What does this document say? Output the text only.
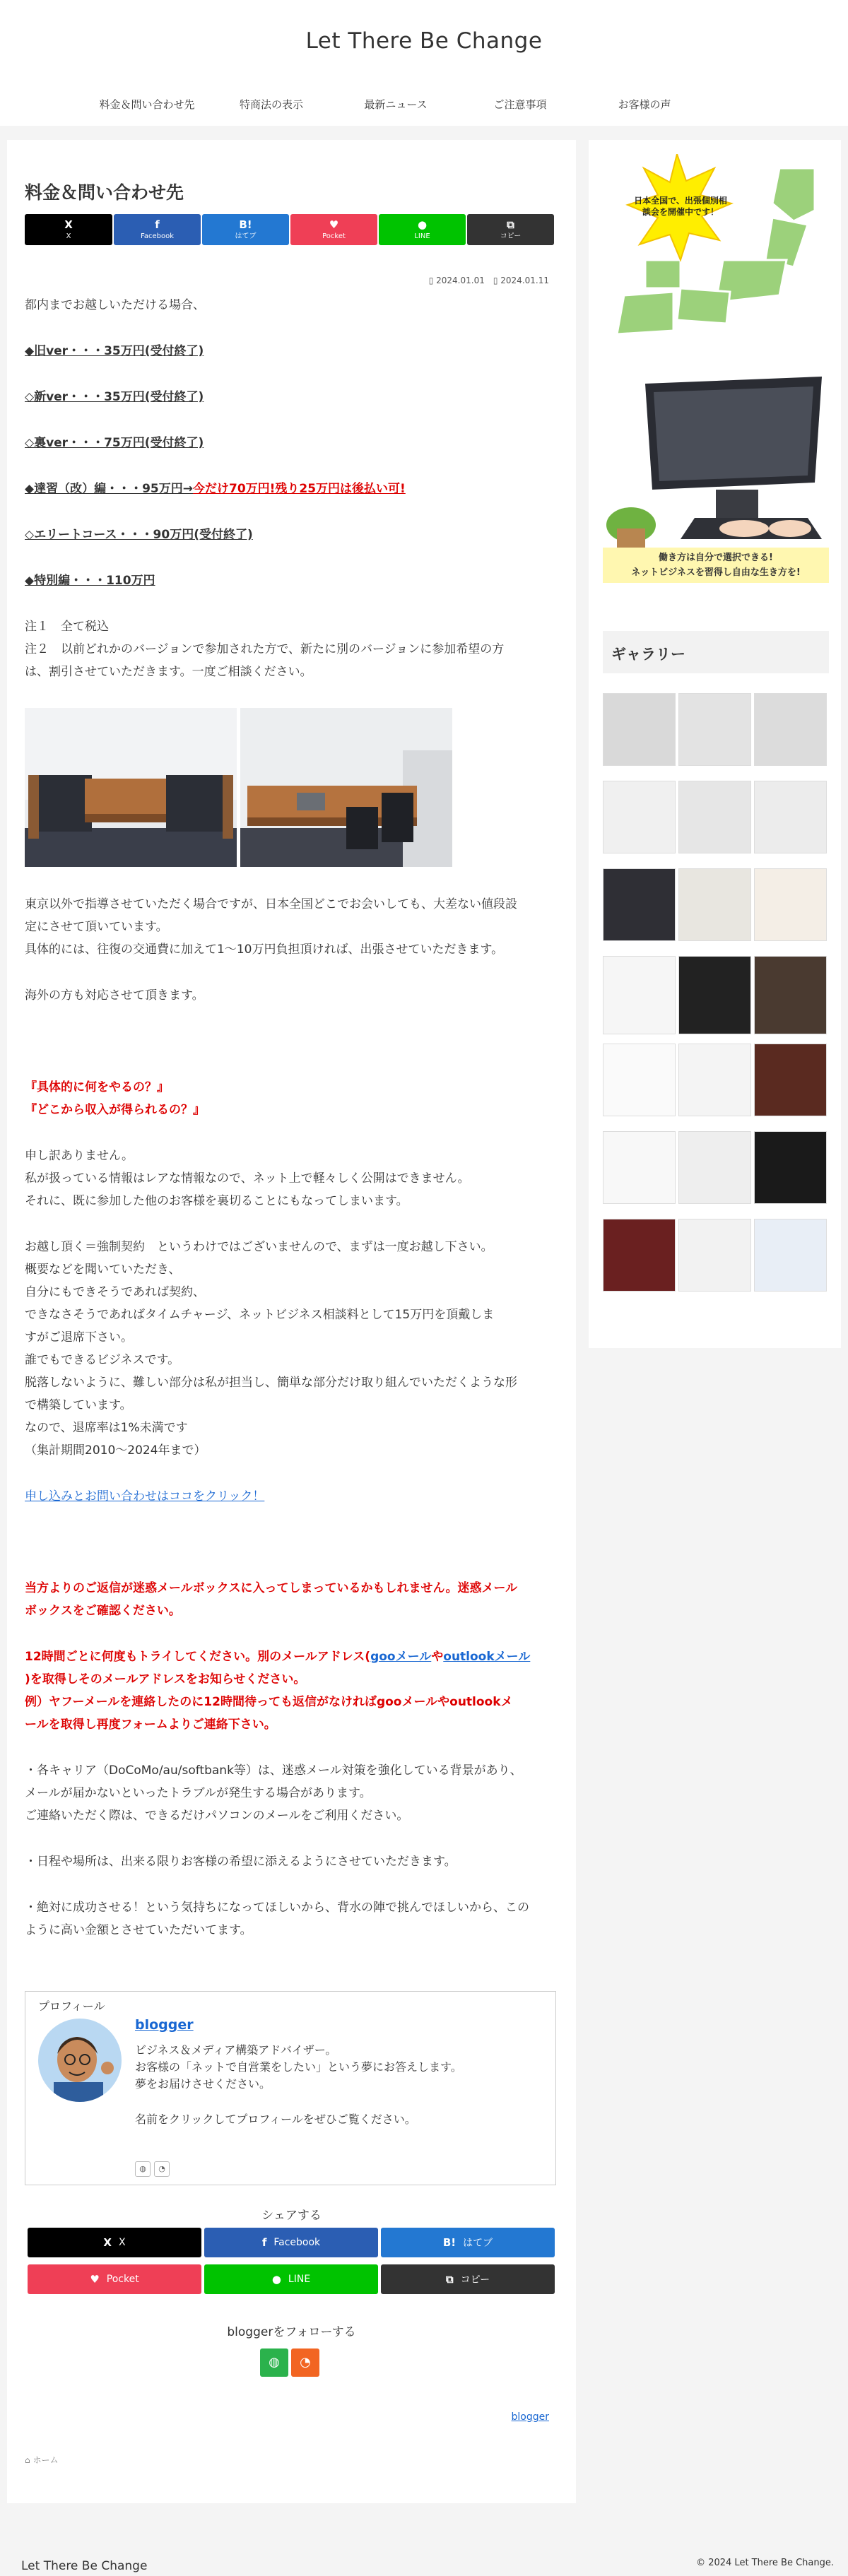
Let There Be Change
料金＆問い合わせ先	特商法の表示	最新ニュース	ご注意事項	お客様の声
料金＆問い合わせ先
X
X
f
Facebook
B!
はてブ
♥
Pocket
●
LINE
⧉
コピー
▯ 2024.01.01 ▯ 2024.01.11
都内までお越しいただける場合、
◆旧ver・・・35万円(受付終了)
◇新ver・・・35万円(受付終了)
◇裏ver・・・75万円(受付終了)
◆達習（改）編・・・95万円→今だけ70万円!残り25万円は後払い可!
◇エリートコース・・・90万円(受付終了)
◆特別編・・・110万円
注１　全て税込
注２　以前どれかのバージョンで参加された方で、新たに別のバージョンに参加希望の方
は、割引させていただきます。一度ご相談ください。
東京以外で指導させていただく場合ですが、日本全国どこでお会いしても、大差ない値段設
定にさせて頂いています。
具体的には、往復の交通費に加えて1〜10万円負担頂ければ、出張させていただきます。
海外の方も対応させて頂きます。
『具体的に何をやるの？』
『どこから収入が得られるの？』
申し訳ありません。
私が扱っている情報はレアな情報なので、ネット上で軽々しく公開はできません。
それに、既に参加した他のお客様を裏切ることにもなってしまいます。
お越し頂く＝強制契約　というわけではございませんので、まずは一度お越し下さい。
概要などを聞いていただき、
自分にもできそうであれば契約、
できなさそうであればタイムチャージ、ネットビジネス相談料として15万円を頂戴しま
すがご退席下さい。
誰でもできるビジネスです。
脱落しないように、難しい部分は私が担当し、簡単な部分だけ取り組んでいただくような形
で構築しています。
なので、退席率は1%未満です
（集計期間2010〜2024年まで）
申し込みとお問い合わせはココをクリック！
当方よりのご返信が迷惑メールボックスに入ってしまっているかもしれません。迷惑メール
ボックスをご確認ください。
12時間ごとに何度もトライしてください。別のメールアドレス(gooメールやoutlookメール
)を取得しそのメールアドレスをお知らせください。
例）ヤフーメールを連絡したのに12時間待っても返信がなければgooメールやoutlookメ
ールを取得し再度フォームよりご連絡下さい。
・各キャリア（DoCoMo/au/softbank等）は、迷惑メール対策を強化している背景があり、
メールが届かないといったトラブルが発生する場合があります。
ご連絡いただく際は、できるだけパソコンのメールをご利用ください。
・日程や場所は、出来る限りお客様の希望に添えるようにさせていただきます。
・絶対に成功させる！という気持ちになってほしいから、背水の陣で挑んでほしいから、この
ように高い金額とさせていただいてます。
プロフィール
blogger
ビジネス＆メディア構築アドバイザー。
お客様の「ネットで自営業をしたい」という夢にお答えします。
夢をお届けさせください。
名前をクリックしてプロフィールをぜひご覧ください。
◍	◔
シェアする
X X	f Facebook	B! はてブ
♥ Pocket	● LINE	⧉ コピー
bloggerをフォローする
◍	◔
blogger
⌂ ホーム
日本全国で、出張個別相談会を開催中です！
働き方は自分で選択できる!
ネットビジネスを習得し自由な生き方を!
ギャラリー
Let There Be Change	© 2024 Let There Be Change.
